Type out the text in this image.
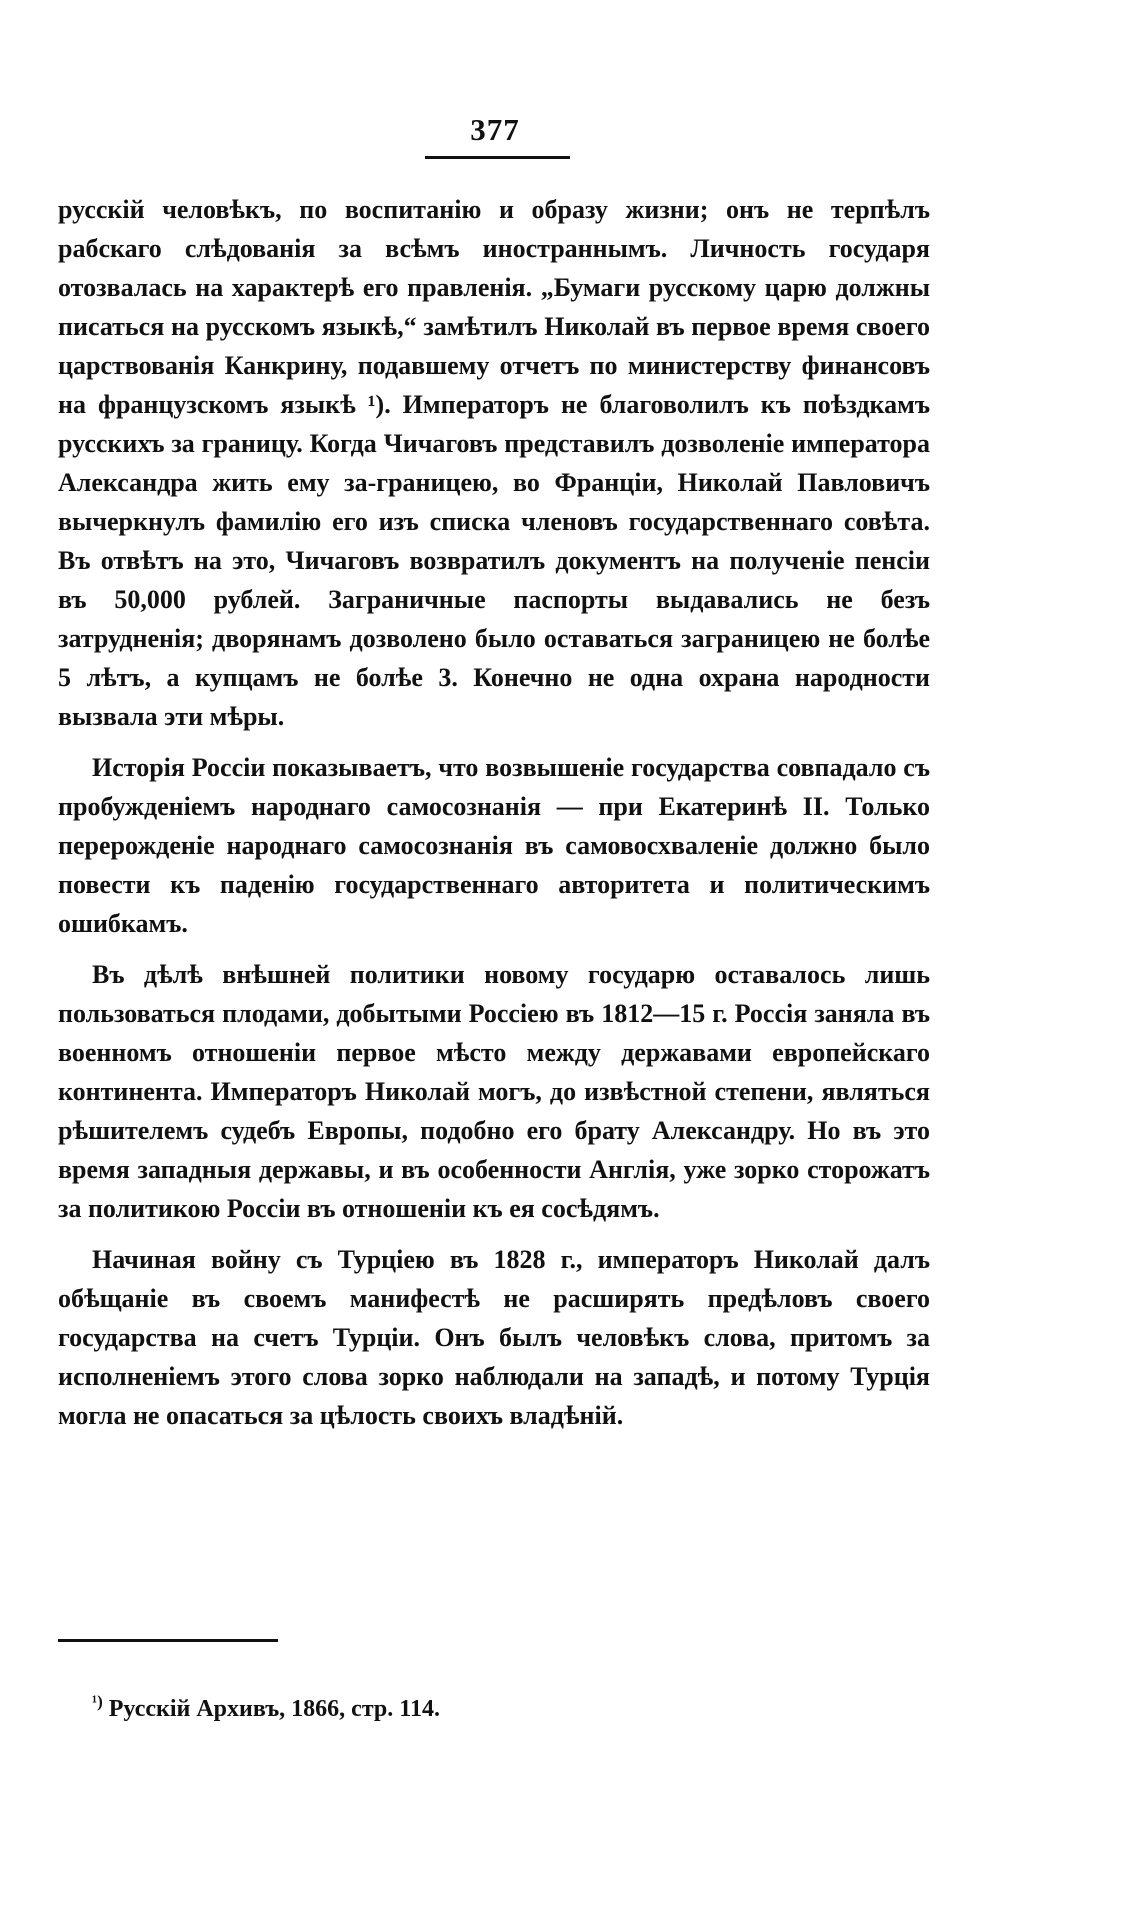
377

русскій человѣкъ, по воспитанію и образу жизни; онъ не терпѣлъ рабскаго слѣдованія за всѣмъ иностраннымъ. Личность государя отозвалась на характерѣ его правленія. „Бумаги русскому царю должны писаться на русскомъ языкѣ,“ замѣтилъ Николай въ первое время своего царствованія Канкрину, подавшему отчетъ по министерству финансовъ на французскомъ языкѣ ¹). Императоръ не благоволилъ къ поѣздкамъ русскихъ за границу. Когда Чичаговъ представилъ дозволеніе императора Александра жить ему за-границею, во Франціи, Николай Павловичъ вычеркнулъ фамилію его изъ списка членовъ государственнаго совѣта. Въ отвѣтъ на это, Чичаговъ возвратилъ документъ на полученіе пенсіи въ 50,000 рублей. Заграничные паспорты выдавались не безъ затрудненія; дворянамъ дозволено было оставаться заграницею не болѣе 5 лѣтъ, а купцамъ не болѣе 3. Конечно не одна охрана народности вызвала эти мѣры.

Исторія Россіи показываетъ, что возвышеніе государства совпадало съ пробужденіемъ народнаго самосознанія — при Екатеринѣ II. Только перерожденіе народнаго самосознанія въ самовосхваленіе должно было повести къ паденію государственнаго авторитета и политическимъ ошибкамъ.

Въ дѣлѣ внѣшней политики новому государю оставалось лишь пользоваться плодами, добытыми Россіею въ 1812—15 г. Россія заняла въ военномъ отношеніи первое мѣсто между державами европейскаго континента. Императоръ Николай могъ, до извѣстной степени, являться рѣшителемъ судебъ Европы, подобно его брату Александру. Но въ это время западныя державы, и въ особенности Англія, уже зорко сторожатъ за политикою Россіи въ отношеніи къ ея сосѣдямъ.

Начиная войну съ Турціею въ 1828 г., императоръ Николай далъ обѣщаніе въ своемъ манифестѣ не расширять предѣловъ своего государства на счетъ Турціи. Онъ былъ человѣкъ слова, притомъ за исполненіемъ этого слова зорко наблюдали на западѣ, и потому Турція могла не опасаться за цѣлость своихъ владѣній.

$^{^1)}$ Русскій Архивъ, 1866, стр. 114.
